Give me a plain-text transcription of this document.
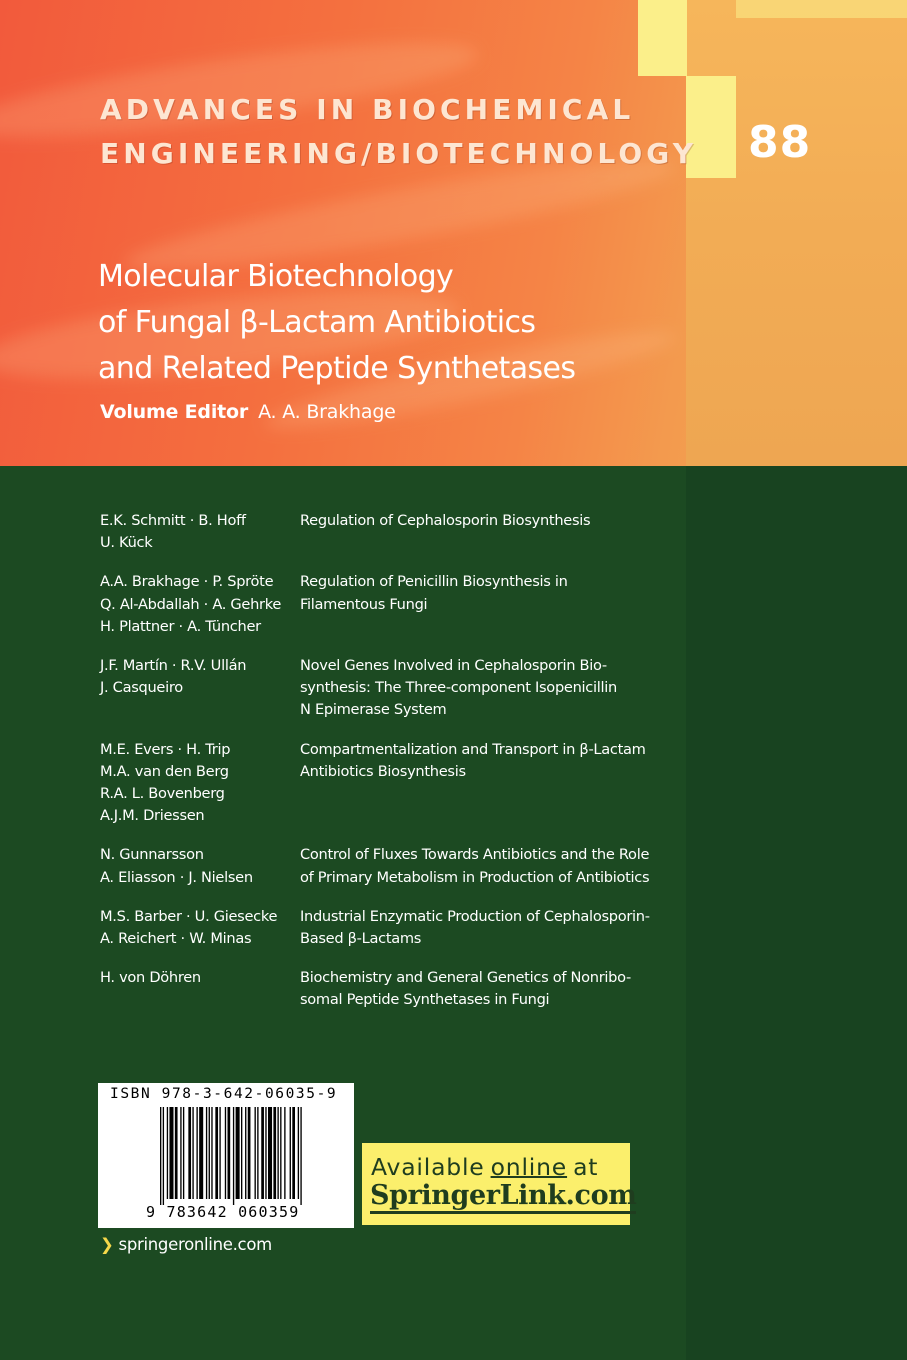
ADVANCES IN BIOCHEMICAL
ENGINEERING/BIOTECHNOLOGY 88
Molecular Biotechnology
of Fungal β-Lactam Antibiotics
and Related Peptide Synthetases
Volume Editor A. A. Brakhage
E.K. Schmitt · B. Hoff
U. Kück
Regulation of Cephalosporin Biosynthesis
A.A. Brakhage · P. Spröte
Q. Al-Abdallah · A. Gehrke
H. Plattner · A. Tüncher
Regulation of Penicillin Biosynthesis in
Filamentous Fungi
J.F. Martín · R.V. Ullán
J. Casqueiro
Novel Genes Involved in Cephalosporin Bio-
synthesis: The Three-component Isopenicillin
N Epimerase System
M.E. Evers · H. Trip
M.A. van den Berg
R.A. L. Bovenberg
A.J.M. Driessen
Compartmentalization and Transport in β-Lactam
Antibiotics Biosynthesis
N. Gunnarsson
A. Eliasson · J. Nielsen
Control of Fluxes Towards Antibiotics and the Role
of Primary Metabolism in Production of Antibiotics
M.S. Barber · U. Giesecke
A. Reichert · W. Minas
Industrial Enzymatic Production of Cephalosporin-
Based β-Lactams
H. von Döhren	Biochemistry and General Genetics of Nonribo-
somal Peptide Synthetases in Fungi
ISBN 978-3-642-06035-9
9 783642 060359
❯ springeronline.com
Available online at
SpringerLink.com
